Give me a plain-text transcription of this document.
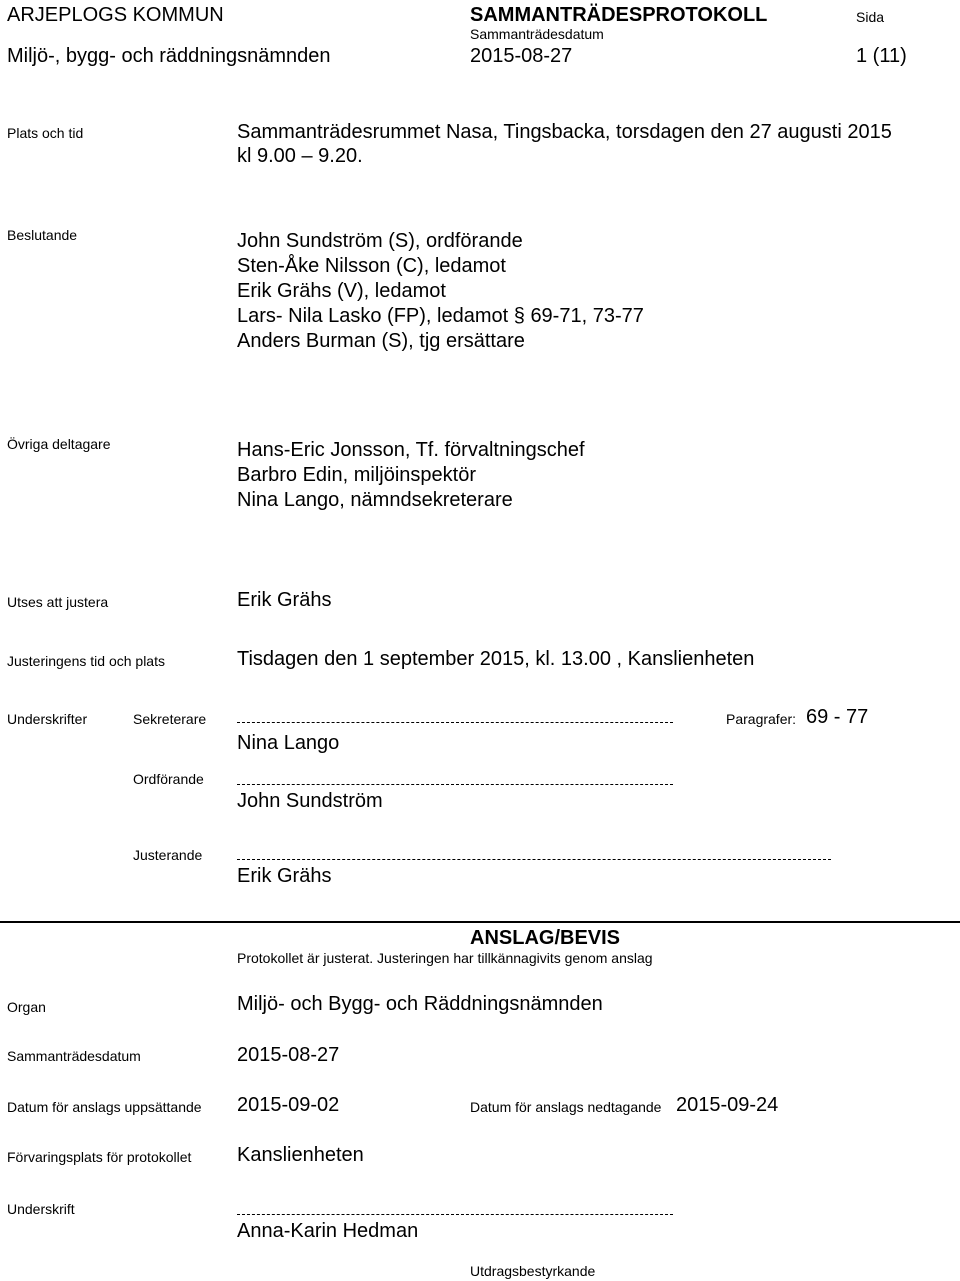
ARJEPLOGS KOMMUN	SAMMANTRÄDESPROTOKOLL	Sida
Sammanträdesdatum
Miljö-, bygg- och räddningsnämnden	2015-08-27	1 (11)
Plats och tid	Sammanträdesrummet Nasa, Tingsbacka, torsdagen den 27 augusti 2015
kl 9.00 – 9.20.
Beslutande	John Sundström (S), ordförande
Sten-Åke Nilsson (C), ledamot
Erik Grähs (V), ledamot
Lars- Nila Lasko (FP), ledamot § 69-71, 73-77
Anders Burman (S), tjg ersättare
Övriga deltagare	Hans-Eric Jonsson, Tf. förvaltningschef
Barbro Edin, miljöinspektör
Nina Lango, nämndsekreterare
Utses att justera	Erik Grähs
Justeringens tid och plats	Tisdagen den 1 september 2015, kl. 13.00 , Kanslienheten
Underskrifter	Sekreterare
Nina Lango
Paragrafer: 69 - 77
Ordförande
John Sundström
Justerande
Erik Grähs
ANSLAG/BEVIS
Protokollet är justerat. Justeringen har tillkännagivits genom anslag
Organ	Miljö- och Bygg- och Räddningsnämnden
Sammanträdesdatum	2015-08-27
Datum för anslags uppsättande 2015-09-02	Datum för anslags nedtagande 2015-09-24
Förvaringsplats för protokollet Kanslienheten
Underskrift
Anna-Karin Hedman
Utdragsbestyrkande
